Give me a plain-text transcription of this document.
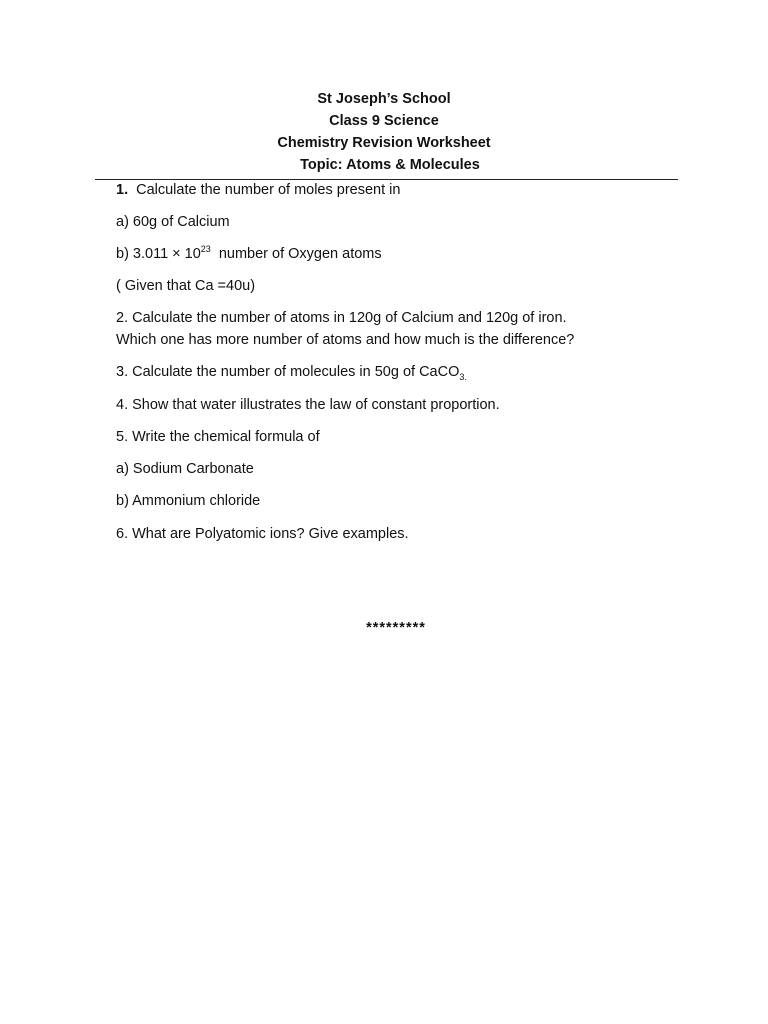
St Joseph’s School
Class 9 Science
Chemistry Revision Worksheet
Topic: Atoms & Molecules
1. Calculate the number of moles present in
a) 60g of Calcium
b) $3.011 \times 10^{23}$ number of Oxygen atoms
( Given that Ca =40u)
2. Calculate the number of atoms in 120g of Calcium and 120g of iron.
Which one has more number of atoms and how much is the difference?
3. Calculate the number of molecules in 50g of CaCO$_{3.}$
4. Show that water illustrates the law of constant proportion.
5. Write the chemical formula of
a) Sodium Carbonate
b) Ammonium chloride
6. What are Polyatomic ions? Give examples.
*********
